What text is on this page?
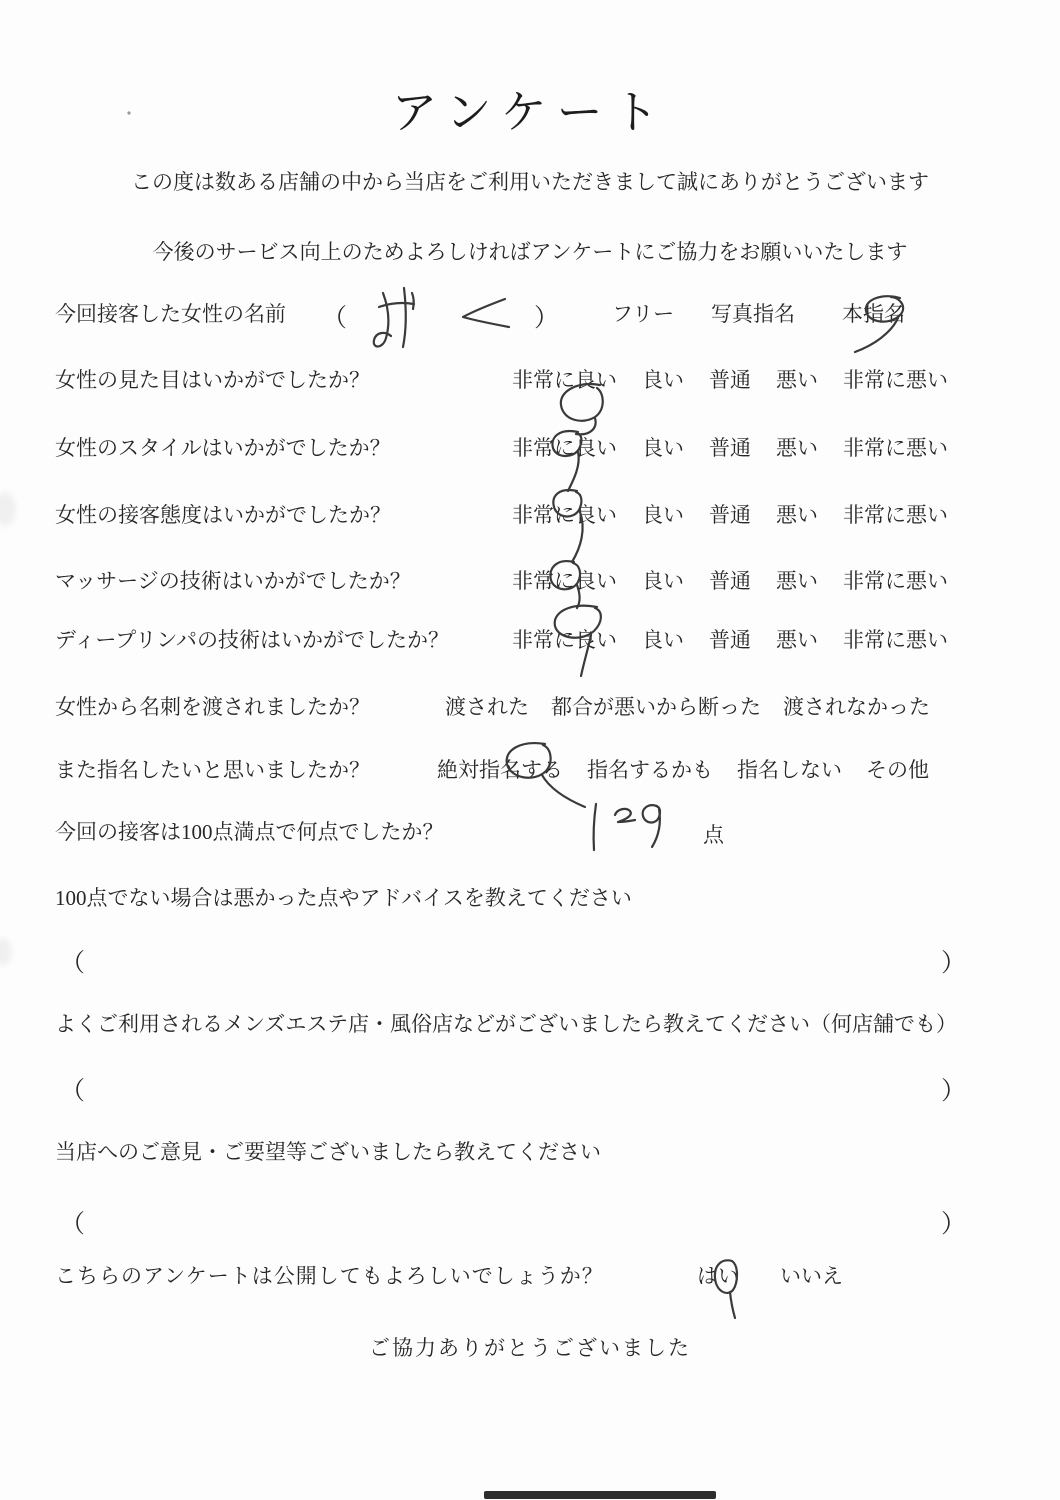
アンケート
この度は数ある店舗の中から当店をご利用いただきまして誠にありがとうございます
今後のサービス向上のためよろしければアンケートにご協力をお願いいたします
今回接客した女性の名前 （	）	フリー 写真指名 本指名
女性の見た目はいかがでしたか？	非常に良い 良い 普通 悪い 非常に悪い
女性のスタイルはいかがでしたか？	非常に良い 良い 普通 悪い 非常に悪い
女性の接客態度はいかがでしたか？	非常に良い 良い 普通 悪い 非常に悪い
マッサージの技術はいかがでしたか？	非常に良い 良い 普通 悪い 非常に悪い
ディープリンパの技術はいかがでしたか？	非常に良い 良い 普通 悪い 非常に悪い
女性から名刺を渡されましたか？	渡された 都合が悪いから断った 渡されなかった
また指名したいと思いましたか？	絶対指名する 指名するかも 指名しない その他
今回の接客は100点満点で何点でしたか？	点
100点でない場合は悪かった点やアドバイスを教えてください
（	）
よくご利用されるメンズエステ店・風俗店などがございましたら教えてください（何店舗でも）
（	）
当店へのご意見・ご要望等ございましたら教えてください
（	）
こちらのアンケートは公開してもよろしいでしょうか？	はい いいえ
ご協力ありがとうございました
